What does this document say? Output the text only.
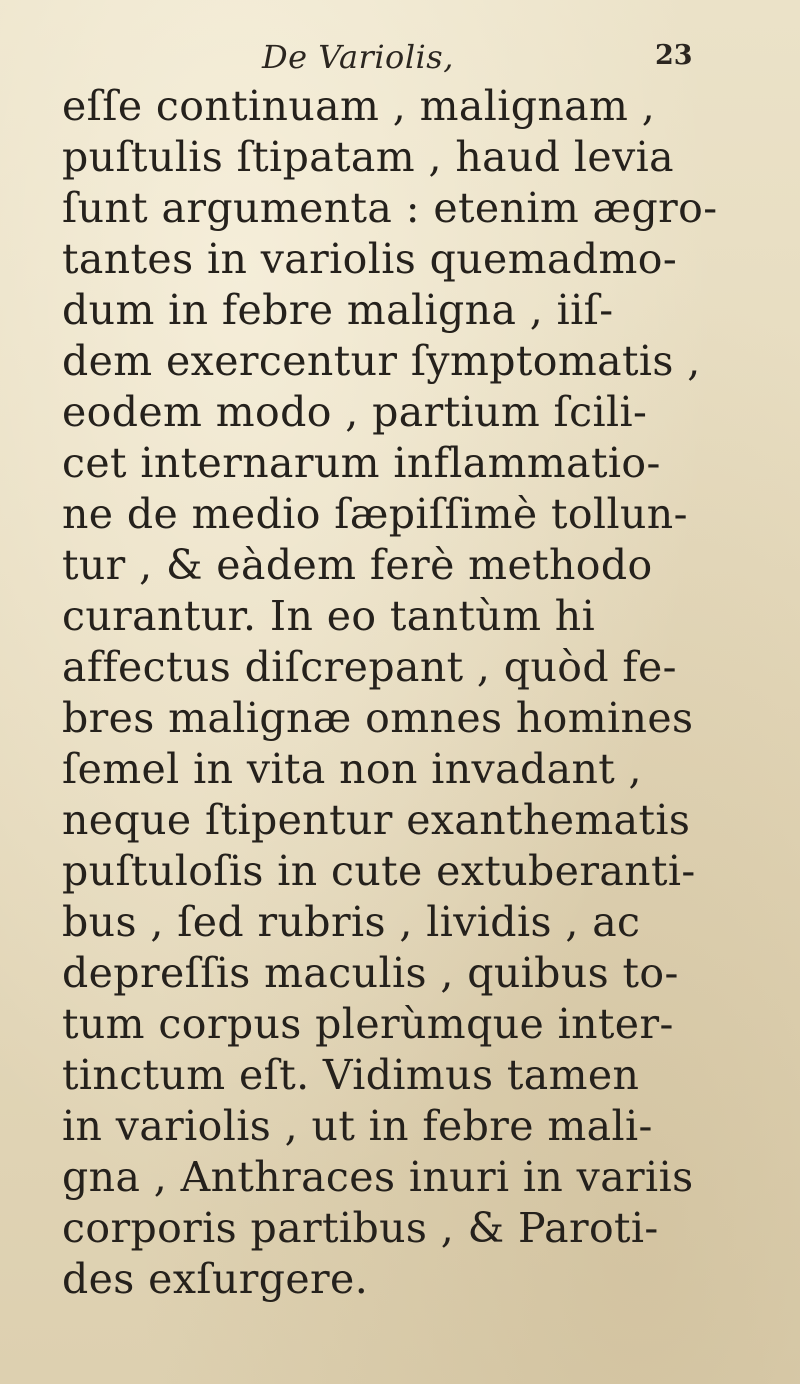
De Variolis,	23
eſſe continuam , malignam ,
puſtulis ſtipatam , haud levia
ſunt argumenta : etenim ægro-
tantes in variolis quemadmo-
dum in febre maligna , iiſ-
dem exercentur ſymptomatis ,
eodem modo , partium ſcili-
cet internarum inflammatio-
ne de medio ſæpiſſimè tollun-
tur , & eàdem ferè methodo
curantur. In eo tantùm hi
affectus diſcrepant , quòd fe-
bres malignæ omnes homines
ſemel in vita non invadant ,
neque ſtipentur exanthematis
puſtuloſis in cute extuberanti-
bus , ſed rubris , lividis , ac
depreſſis maculis , quibus to-
tum corpus plerùmque inter-
tinctum eſt. Vidimus tamen
in variolis , ut in febre mali-
gna , Anthraces inuri in variis
corporis partibus , & Paroti-
des exſurgere.
